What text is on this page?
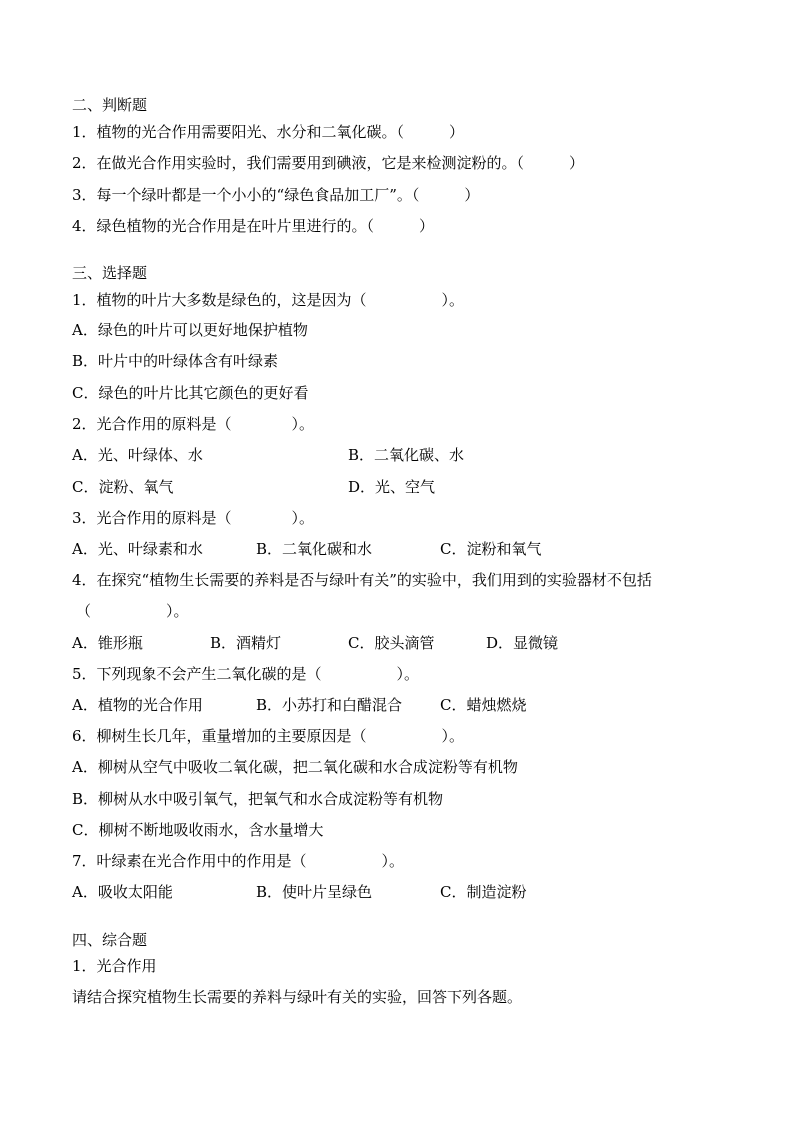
二、判断题
1．植物的光合作用需要阳光、水分和二氧化碳。（　　　）
2．在做光合作用实验时，我们需要用到碘液，它是来检测淀粉的。（　　　）
3．每一个绿叶都是一个小小的“绿色食品加工厂”。（　　　）
4．绿色植物的光合作用是在叶片里进行的。（　　　）
三、选择题
1．植物的叶片大多数是绿色的，这是因为（　　　　　）。
A．绿色的叶片可以更好地保护植物
B．叶片中的叶绿体含有叶绿素
C．绿色的叶片比其它颜色的更好看
2．光合作用的原料是（　　　　）。

A．光、叶绿体、水

	B．二氧化碳、水

C．淀粉、氧气

	D．光、空气

3．光合作用的原料是（　　　　）。

A．光、叶绿素和水

	B．二氧化碳和水

	C．淀粉和氧气

4．在探究“植物生长需要的养料是否与绿叶有关”的实验中，我们用到的实验器材不包括
（　　　　　）。

A．锥形瓶

	B．酒精灯

	C．胶头滴管

	D．显微镜

5．下列现象不会产生二氧化碳的是（　　　　　）。

A．植物的光合作用

	B．小苏打和白醋混合

	C．蜡烛燃烧

6．柳树生长几年，重量增加的主要原因是（　　　　　）。
A．柳树从空气中吸收二氧化碳，把二氧化碳和水合成淀粉等有机物
B．柳树从水中吸引氧气，把氧气和水合成淀粉等有机物
C．柳树不断地吸收雨水，含水量增大
7．叶绿素在光合作用中的作用是（　　　　　）。

A．吸收太阳能

	B．使叶片呈绿色

	C．制造淀粉

四、综合题
1．光合作用
请结合探究植物生长需要的养料与绿叶有关的实验，回答下列各题。
